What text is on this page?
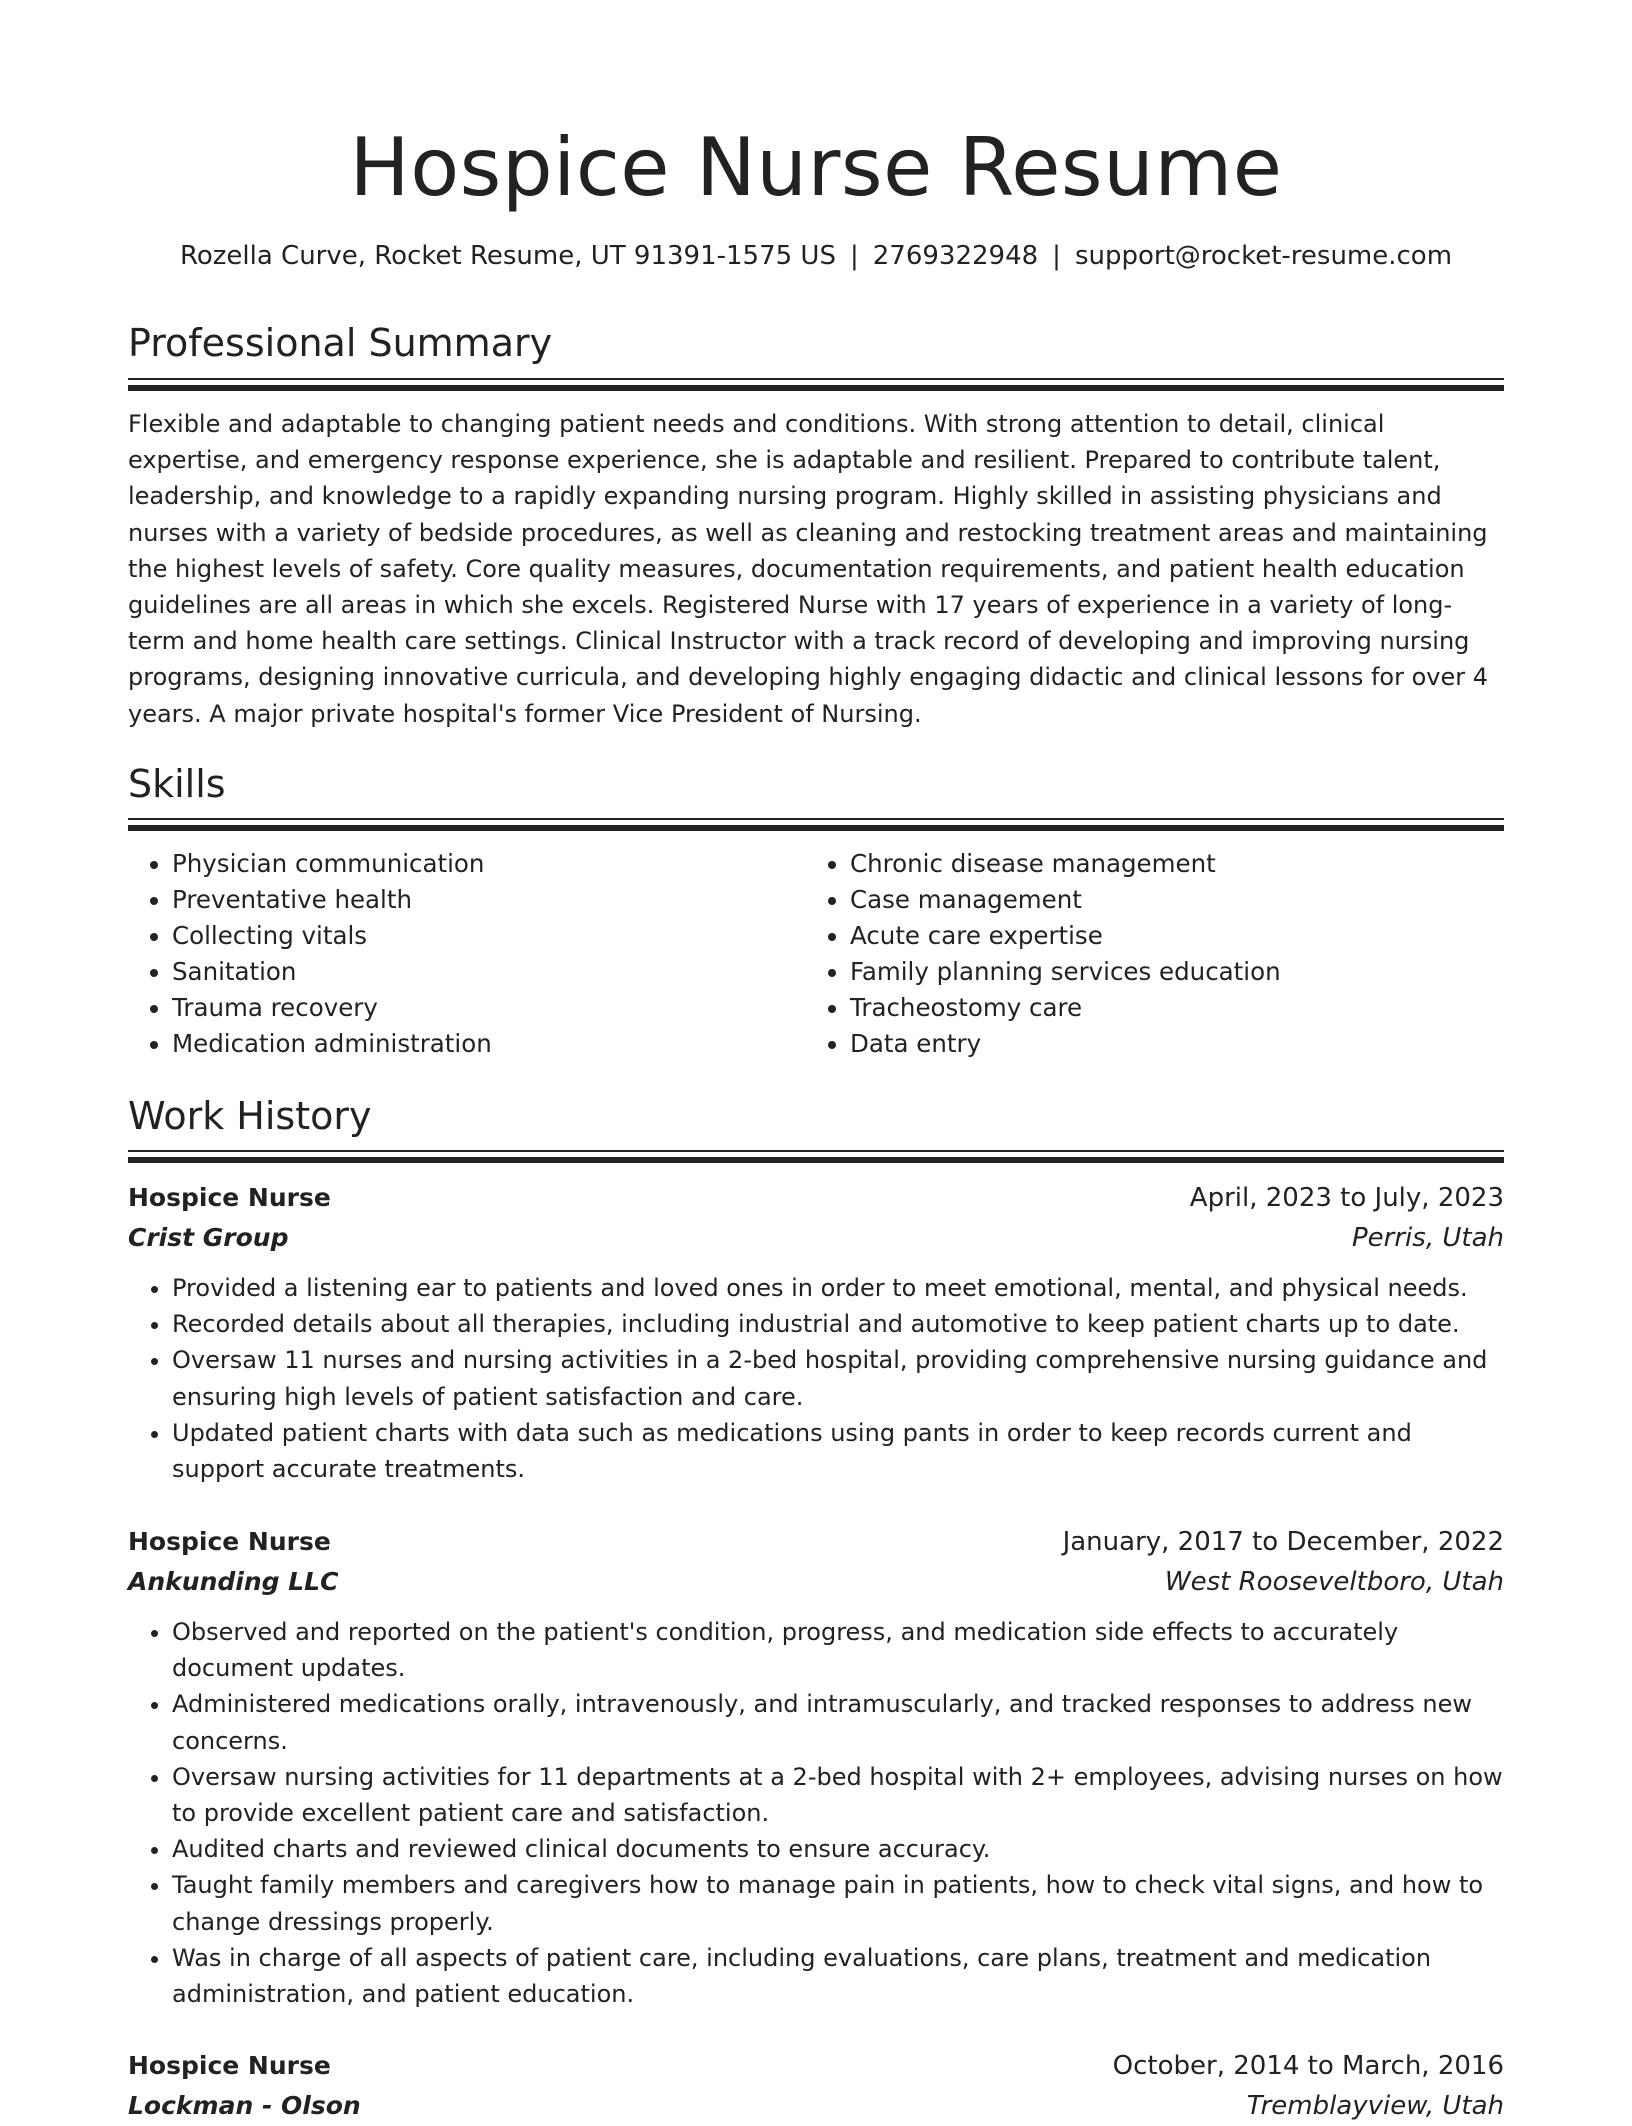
Hospice Nurse Resume
Rozella Curve, Rocket Resume, UT 91391-1575 US | 2769322948 | support@rocket-resume.com
Professional Summary
Flexible and adaptable to changing patient needs and conditions. With strong attention to detail, clinical expertise, and emergency response experience, she is adaptable and resilient. Prepared to contribute talent, leadership, and knowledge to a rapidly expanding nursing program. Highly skilled in assisting physicians and nurses with a variety of bedside procedures, as well as cleaning and restocking treatment areas and maintaining the highest levels of safety. Core quality measures, documentation requirements, and patient health education guidelines are all areas in which she excels. Registered Nurse with 17 years of experience in a variety of long-term and home health care settings. Clinical Instructor with a track record of developing and improving nursing programs, designing innovative curricula, and developing highly engaging didactic and clinical lessons for over 4 years. A major private hospital's former Vice President of Nursing.
Skills
• Physician communication
• Preventative health
• Collecting vitals
• Sanitation
• Trauma recovery
• Medication administration
• Chronic disease management
• Case management
• Acute care expertise
• Family planning services education
• Tracheostomy care
• Data entry
Work History
Hospice Nurse	April, 2023 to July, 2023
Crist Group	Perris, Utah
• Provided a listening ear to patients and loved ones in order to meet emotional, mental, and physical needs.
• Recorded details about all therapies, including industrial and automotive to keep patient charts up to date.
• Oversaw 11 nurses and nursing activities in a 2-bed hospital, providing comprehensive nursing guidance and ensuring high levels of patient satisfaction and care.
• Updated patient charts with data such as medications using pants in order to keep records current and support accurate treatments.
Hospice Nurse	January, 2017 to December, 2022
Ankunding LLC	West Rooseveltboro, Utah
• Observed and reported on the patient's condition, progress, and medication side effects to accurately document updates.
• Administered medications orally, intravenously, and intramuscularly, and tracked responses to address new concerns.
• Oversaw nursing activities for 11 departments at a 2-bed hospital with 2+ employees, advising nurses on how to provide excellent patient care and satisfaction.
• Audited charts and reviewed clinical documents to ensure accuracy.
• Taught family members and caregivers how to manage pain in patients, how to check vital signs, and how to change dressings properly.
• Was in charge of all aspects of patient care, including evaluations, care plans, treatment and medication administration, and patient education.
Hospice Nurse	October, 2014 to March, 2016
Lockman - Olson	Tremblayview, Utah
